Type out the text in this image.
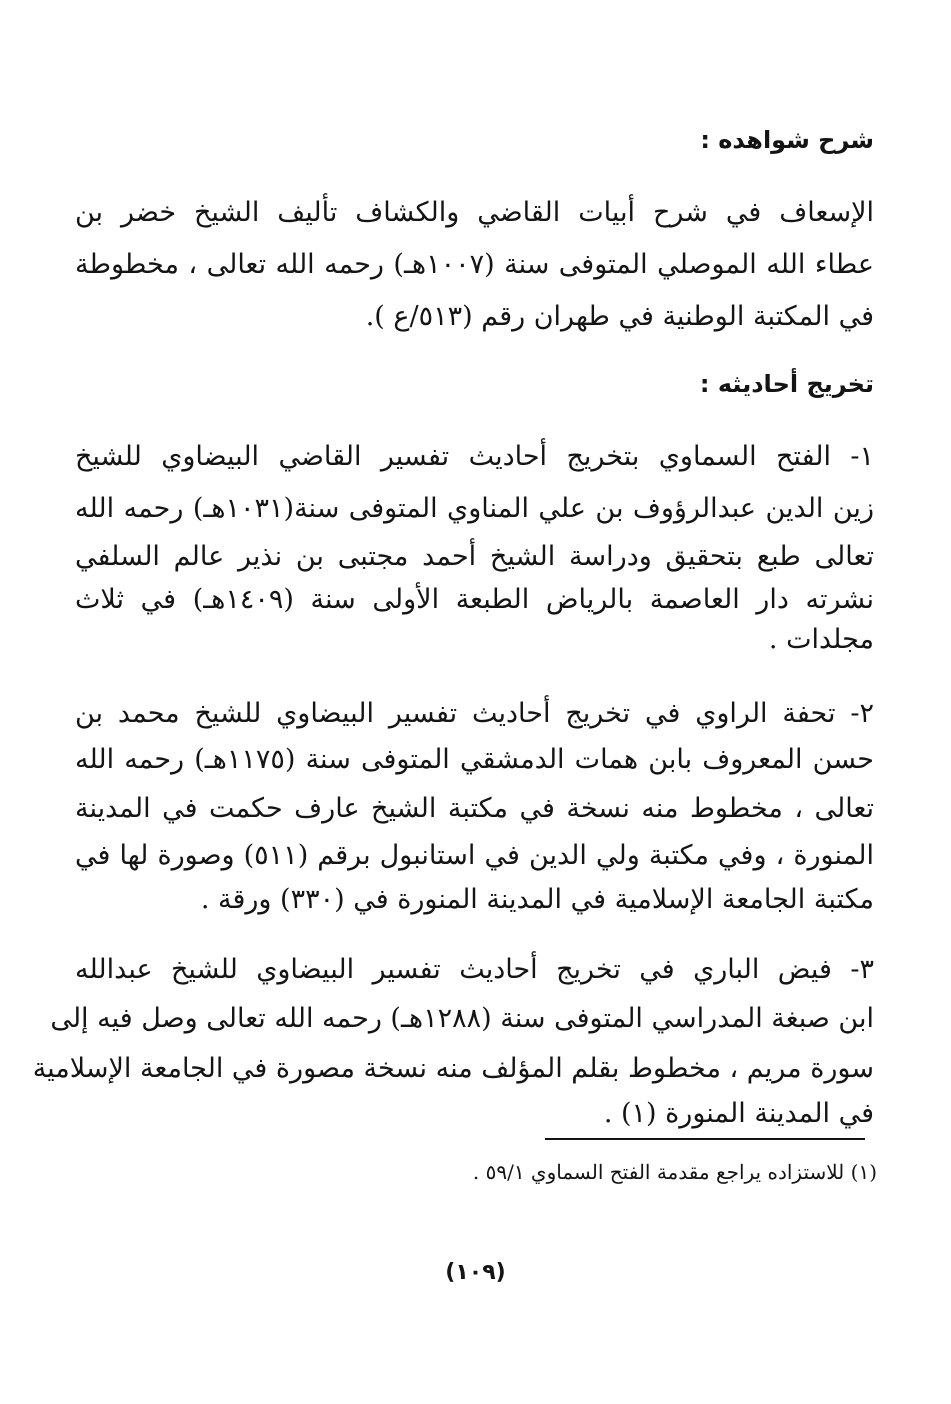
شرح شواهده :
الإسعاف في شرح أبيات القاضي والكشاف تأليف الشيخ خضر بن
عطاء الله الموصلي المتوفى سنة (١٠٠٧هـ) رحمه الله تعالى ، مخطوطة
في المكتبة الوطنية في طهران رقم (٥١٣/ع ).
تخريج أحاديثه :
١- الفتح السماوي بتخريج أحاديث تفسير القاضي البيضاوي للشيخ
زين الدين عبدالرؤوف بن علي المناوي المتوفى سنة(١٠٣١هـ) رحمه الله
تعالى طبع بتحقيق ودراسة الشيخ أحمد مجتبى بن نذير عالم السلفي
نشرته دار العاصمة بالرياض الطبعة الأولى سنة (١٤٠٩هـ) في ثلاث
مجلدات .
٢- تحفة الراوي في تخريج أحاديث تفسير البيضاوي للشيخ محمد بن
حسن المعروف بابن همات الدمشقي المتوفى سنة (١١٧٥هـ) رحمه الله
تعالى ، مخطوط منه نسخة في مكتبة الشيخ عارف حكمت في المدينة
المنورة ، وفي مكتبة ولي الدين في استانبول برقم (٥١١) وصورة لها في
مكتبة الجامعة الإسلامية في المدينة المنورة في (٣٣٠) ورقة .
٣- فيض الباري في تخريج أحاديث تفسير البيضاوي للشيخ عبدالله
ابن صبغة المدراسي المتوفى سنة (١٢٨٨هـ) رحمه الله تعالى وصل فيه إلى
سورة مريم ، مخطوط بقلم المؤلف منه نسخة مصورة في الجامعة الإسلامية
في المدينة المنورة (١) .
(١) للاستزاده يراجع مقدمة الفتح السماوي ٥٩/١ .
(١٠٩)
